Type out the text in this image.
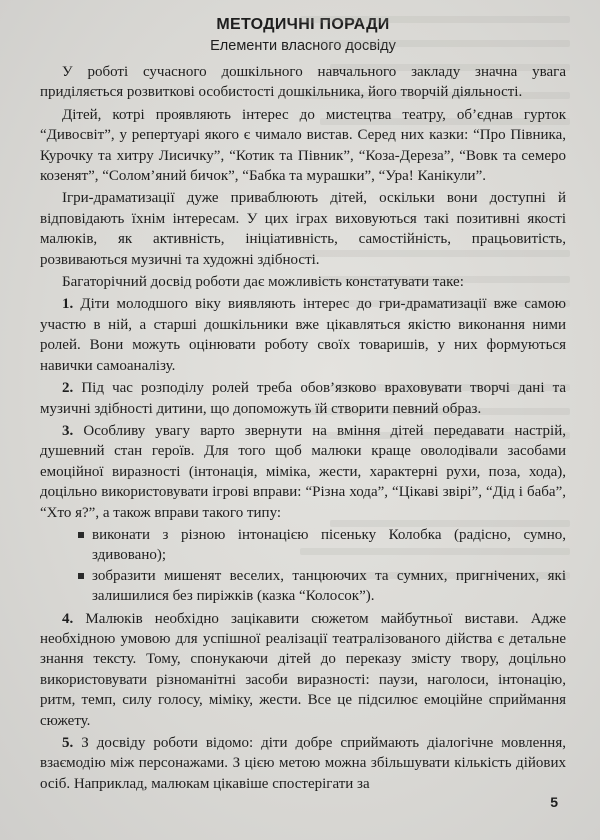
МЕТОДИЧНІ ПОРАДИ
Елементи власного досвіду

У роботі сучасного дошкільного навчального закладу значна увага приділяється розвиткові особистості дошкільника, його творчій діяльності.

Дітей, котрі проявляють інтерес до мистецтва театру, об’єднав гурток “Дивосвіт”, у репертуарі якого є чимало вистав. Серед них казки: “Про Півника, Курочку та хитру Лисичку”, “Котик та Півник”, “Коза-Дереза”, “Вовк та семеро козенят”, “Солом’яний бичок”, “Бабка та мурашки”, “Ура! Канікули”.

Ігри-драматизації дуже приваблюють дітей, оскільки вони доступні й відповідають їхнім інтересам. У цих іграх виховуються такі позитивні якості малюків, як активність, ініціативність, самостійність, працьовитість, розвиваються музичні та художні здібності.

Багаторічний досвід роботи дає можливість констатувати таке:

1. Діти молодшого віку виявляють інтерес до гри-драматизації вже самою участю в ній, а старші дошкільники вже цікавляться якістю виконання ними ролей. Вони можуть оцінювати роботу своїх товаришів, у них формуються навички самоаналізу.

2. Під час розподілу ролей треба обов’язково враховувати творчі дані та музичні здібності дитини, що допоможуть їй створити певний образ.

3. Особливу увагу варто звернути на вміння дітей передавати настрій, душевний стан героїв. Для того щоб малюки краще оволодівали засобами емоційної виразності (інтонація, міміка, жести, характерні рухи, поза, хода), доцільно використовувати ігрові вправи: “Різна хода”, “Цікаві звірі”, “Дід і баба”, “Хто я?”, а також вправи такого типу:

виконати з різною інтонацією пісеньку Колобка (радісно, сумно, здивовано);
зобразити мишенят веселих, танцюючих та сумних, пригнічених, які залишилися без пиріжків (казка “Колосок”).

4. Малюків необхідно зацікавити сюжетом майбутньої вистави. Адже необхідною умовою для успішної реалізації театралізованого дійства є детальне знання тексту. Тому, спонукаючи дітей до переказу змісту твору, доцільно використовувати різноманітні засоби виразності: паузи, наголоси, інтонацію, ритм, темп, силу голосу, міміку, жести. Все це підсилює емоційне сприймання сюжету.

5. З досвіду роботи відомо: діти добре сприймають діалогічне мовлення, взаємодію між персонажами. З цією метою можна збільшувати кількість дійових осіб. Наприклад, малюкам цікавіше спостерігати за

5
